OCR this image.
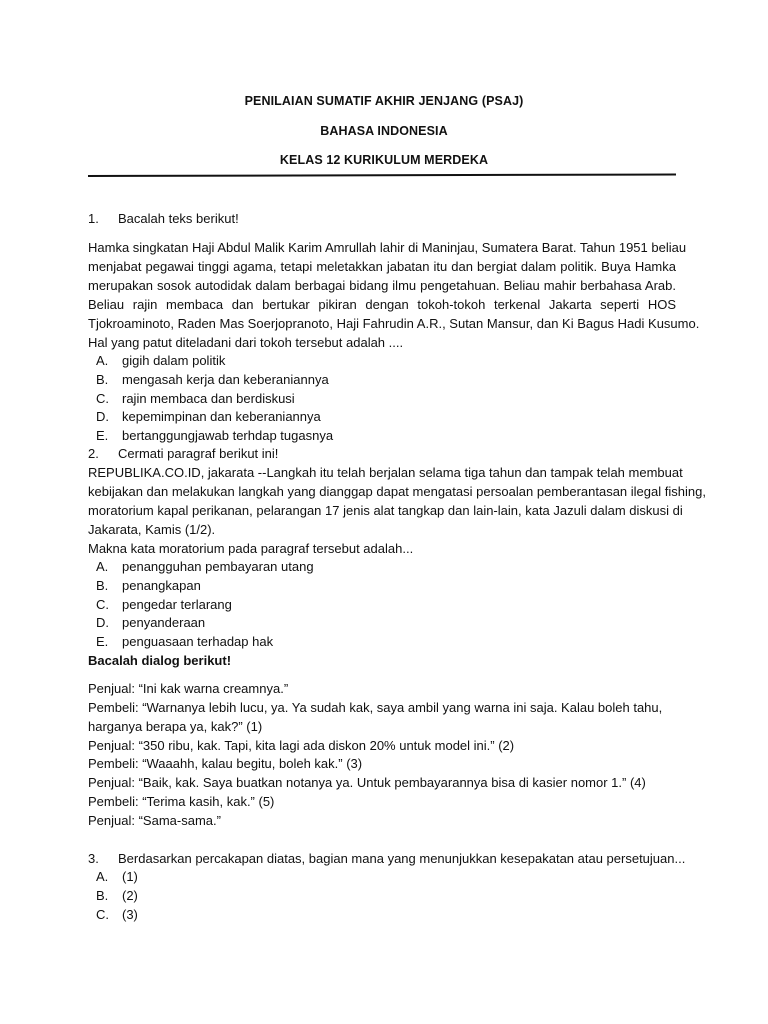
PENILAIAN SUMATIF AKHIR JENJANG (PSAJ)
BAHASA INDONESIA
KELAS 12 KURIKULUM MERDEKA
1. Bacalah teks berikut!
Hamka singkatan Haji Abdul Malik Karim Amrullah lahir di Maninjau, Sumatera Barat. Tahun 1951 beliau
menjabat pegawai tinggi agama, tetapi meletakkan jabatan itu dan bergiat dalam politik. Buya Hamka
merupakan sosok autodidak dalam berbagai bidang ilmu pengetahuan. Beliau mahir berbahasa Arab.
Beliau rajin membaca dan bertukar pikiran dengan tokoh-tokoh terkenal Jakarta seperti HOS
Tjokroaminoto, Raden Mas Soerjopranoto, Haji Fahrudin A.R., Sutan Mansur, dan Ki Bagus Hadi Kusumo.
Hal yang patut diteladani dari tokoh tersebut adalah ....
A. gigih dalam politik
B. mengasah kerja dan keberaniannya
C. rajin membaca dan berdiskusi
D. kepemimpinan dan keberaniannya
E. bertanggungjawab terhdap tugasnya
2. Cermati paragraf berikut ini!
REPUBLIKA.CO.ID, jakarata --Langkah itu telah berjalan selama tiga tahun dan tampak telah membuat
kebijakan dan melakukan langkah yang dianggap dapat mengatasi persoalan pemberantasan ilegal fishing,
moratorium kapal perikanan, pelarangan 17 jenis alat tangkap dan lain-lain, kata Jazuli dalam diskusi di
Jakarata, Kamis (1/2).
Makna kata moratorium pada paragraf tersebut adalah...
A. penangguhan pembayaran utang
B. penangkapan
C. pengedar terlarang
D. penyanderaan
E. penguasaan terhadap hak
Bacalah dialog berikut!
Penjual: “Ini kak warna creamnya.”
Pembeli: “Warnanya lebih lucu, ya. Ya sudah kak, saya ambil yang warna ini saja. Kalau boleh tahu,
harganya berapa ya, kak?” (1)
Penjual: “350 ribu, kak. Tapi, kita lagi ada diskon 20% untuk model ini.” (2)
Pembeli: “Waaahh, kalau begitu, boleh kak.” (3)
Penjual: “Baik, kak. Saya buatkan notanya ya. Untuk pembayarannya bisa di kasier nomor 1.” (4)
Pembeli: “Terima kasih, kak.” (5)
Penjual: “Sama-sama.”
3. Berdasarkan percakapan diatas, bagian mana yang menunjukkan kesepakatan atau persetujuan...
A. (1)
B. (2)
C. (3)
